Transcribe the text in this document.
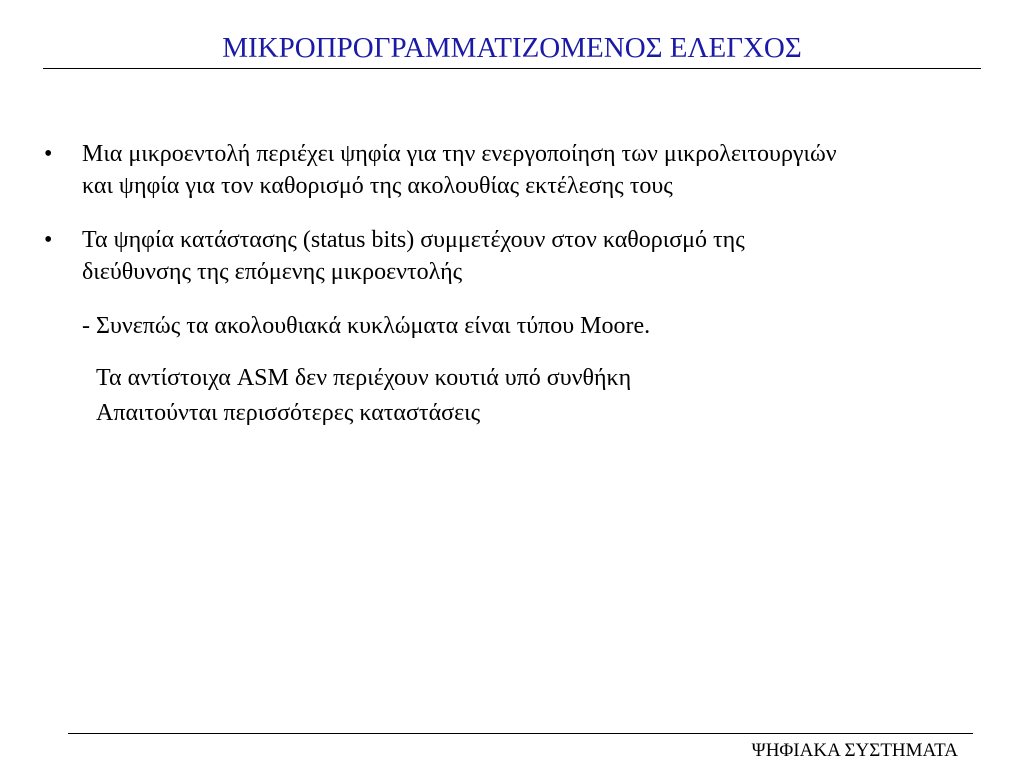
ΜΙΚΡΟΠΡΟΓΡΑΜΜΑΤΙΖΟΜΕΝΟΣ ΕΛΕΓΧΟΣ
• Μια μικροεντολή περιέχει ψηφία για την ενεργοποίηση των μικρολειτουργιών
και ψηφία για τον καθορισμό της ακολουθίας εκτέλεσης τους
• Τα ψηφία κατάστασης (status bits) συμμετέχουν στον καθορισμό της
διεύθυνσης της επόμενης μικροεντολής
- Συνεπώς τα ακολουθιακά κυκλώματα είναι τύπου Moore.
Τα αντίστοιχα ASM δεν περιέχουν κουτιά υπό συνθήκη
Απαιτούνται περισσότερες καταστάσεις
ΨΗΦΙΑΚΑ ΣΥΣΤΗΜΑΤΑ
